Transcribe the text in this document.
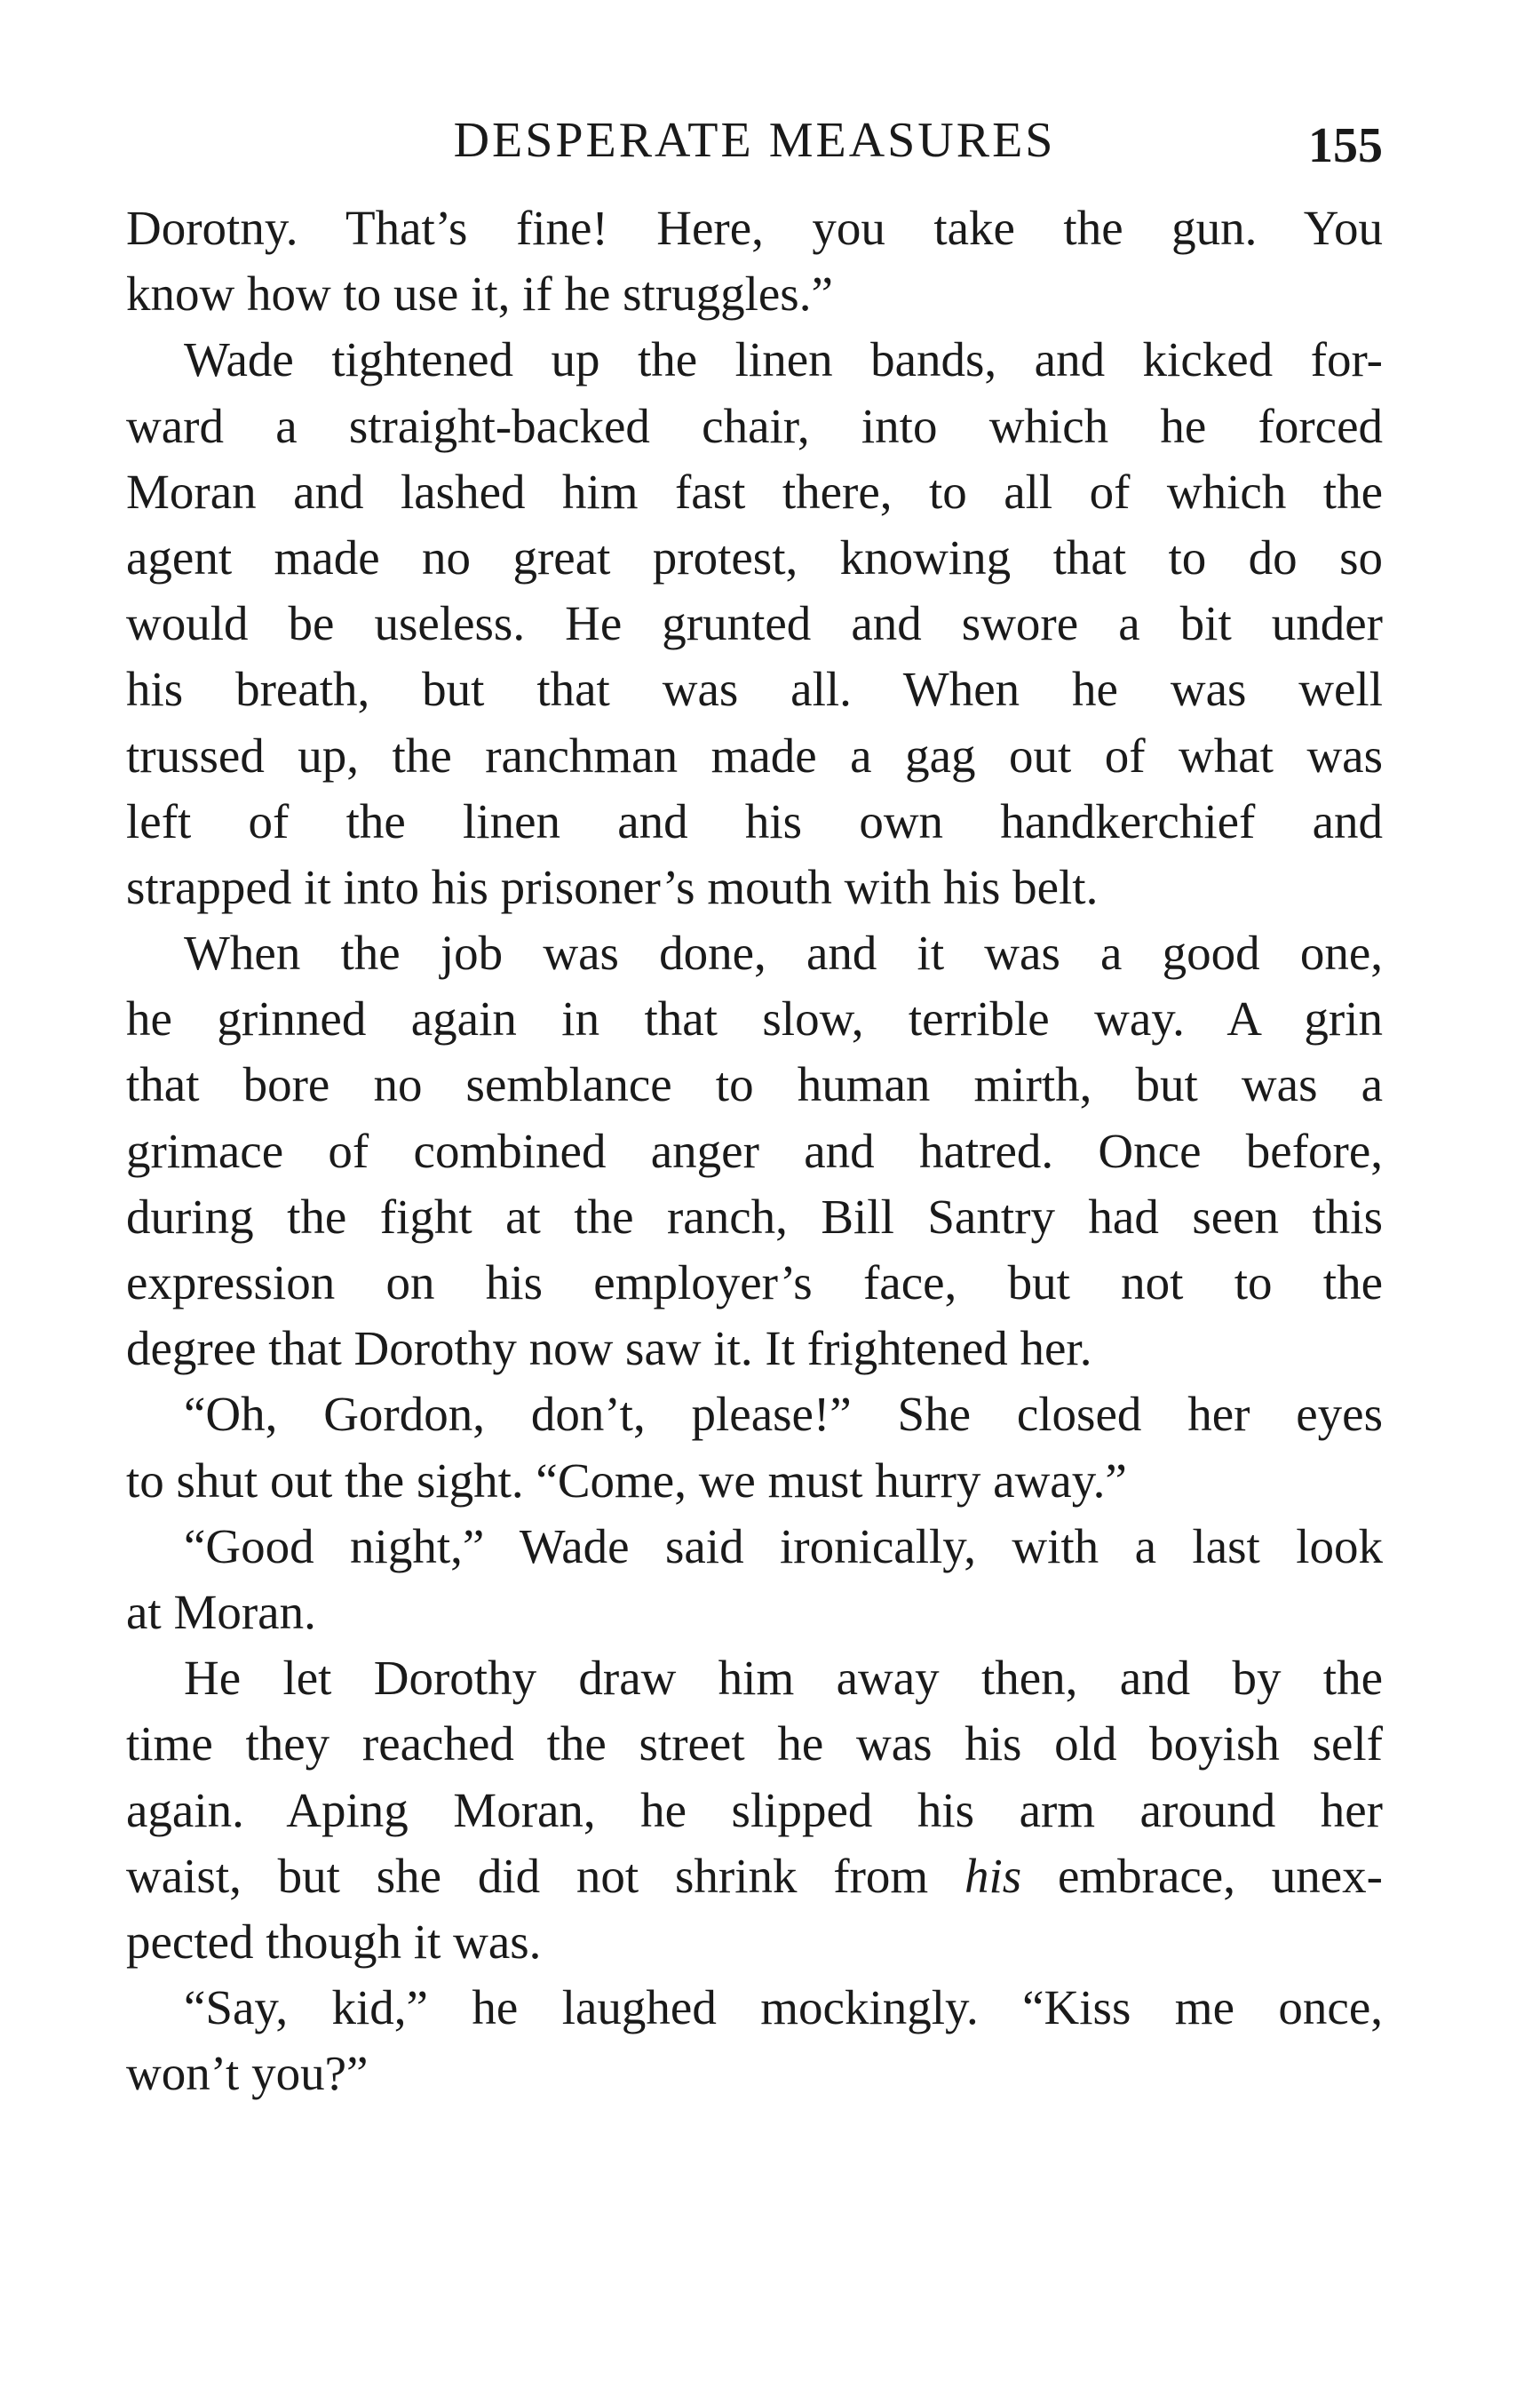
DESPERATE MEASURES	155
Dorotny. That’s fine! Here, you take the gun. You
know how to use it, if he struggles.”
Wade tightened up the linen bands, and kicked for-
ward a straight-backed chair, into which he forced
Moran and lashed him fast there, to all of which the
agent made no great protest, knowing that to do so
would be useless. He grunted and swore a bit under
his breath, but that was all. When he was well
trussed up, the ranchman made a gag out of what was
left of the linen and his own handkerchief and
strapped it into his prisoner’s mouth with his belt.
When the job was done, and it was a good one,
he grinned again in that slow, terrible way. A grin
that bore no semblance to human mirth, but was a
grimace of combined anger and hatred. Once before,
during the fight at the ranch, Bill Santry had seen this
expression on his employer’s face, but not to the
degree that Dorothy now saw it. It frightened her.
“Oh, Gordon, don’t, please!” She closed her eyes
to shut out the sight. “Come, we must hurry away.”
“Good night,” Wade said ironically, with a last look
at Moran.
He let Dorothy draw him away then, and by the
time they reached the street he was his old boyish self
again. Aping Moran, he slipped his arm around her
waist, but she did not shrink from his embrace, unex-
pected though it was.
“Say, kid,” he laughed mockingly. “Kiss me once,
won’t you?”
